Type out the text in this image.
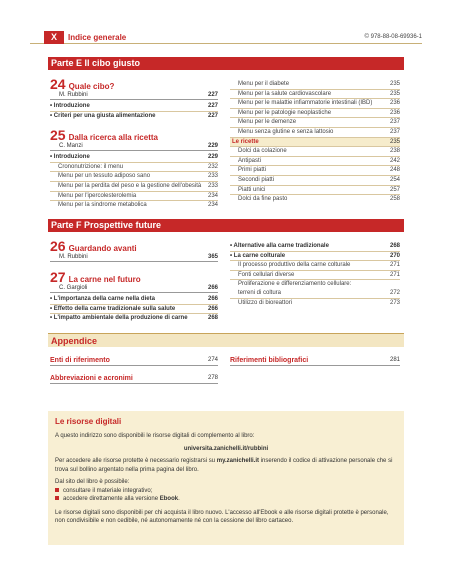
X	Indice generale	© 978-88-08-69936-1
Parte E Il cibo giusto
24 Quale cibo?
M. Rubbini	227
• Introduzione	227
• Criteri per una giusta alimentazione	227
25 Dalla ricerca alla ricetta
C. Manzi	229
• Introduzione	229
Crononutrizione: il menu	232
Menu per un tessuto adiposo sano	233
Menu per la perdita del peso e la gestione dell'obesità 233
Menu per l'ipercolesterolemia	234
Menu per la sindrome metabolica	234
Menu per il diabete	235
Menu per la salute cardiovascolare	235
Menu per le malattie infiammatorie intestinali (IBD)	236
Menu per le patologie neoplastiche	236
Menu per le demenze	237
Menu senza glutine e senza lattosio	237
Le ricette	235
Dolci da colazione	238
Antipasti	242
Primi piatti	248
Secondi piatti	254
Piatti unici	257
Dolci da fine pasto	258
Parte F Prospettive future
26 Guardando avanti
M. Rubbini	365
27 La carne nel futuro
C. Gargioli	266
• L'importanza della carne nella dieta	266
• Effetto della carne tradizionale sulla salute	266
• L'impatto ambientale della produzione di carne	268
• Alternative alla carne tradizionale	268
• La carne colturale	270
Il processo produttivo della carne colturale	271
Fonti cellulari diverse	271
Proliferazione e differenziamento cellulare:
terreni di coltura	272
Utilizzo di bioreattori	273
Appendice
Enti di riferimento	274
Abbreviazioni e acronimi	278
Riferimenti bibliografici	281
Le risorse digitali

A questo indirizzo sono disponibili le risorse digitali di complemento al libro:

universita.zanichelli.it/rubbini

Per accedere alle risorse protette è necessario registrarsi su my.zanichelli.it inserendo il codice di attivazione personale che si trova sul bollino argentato nella prima pagina del libro.

Dal sito del libro è possibile:

consultare il materiale integrativo;
accedere direttamente alla versione Ebook.

Le risorse digitali sono disponibili per chi acquista il libro nuovo. L'accesso all'Ebook e alle risorse digitali protette è personale, non condivisibile e non cedibile, né autonomamente né con la cessione del libro cartaceo.
